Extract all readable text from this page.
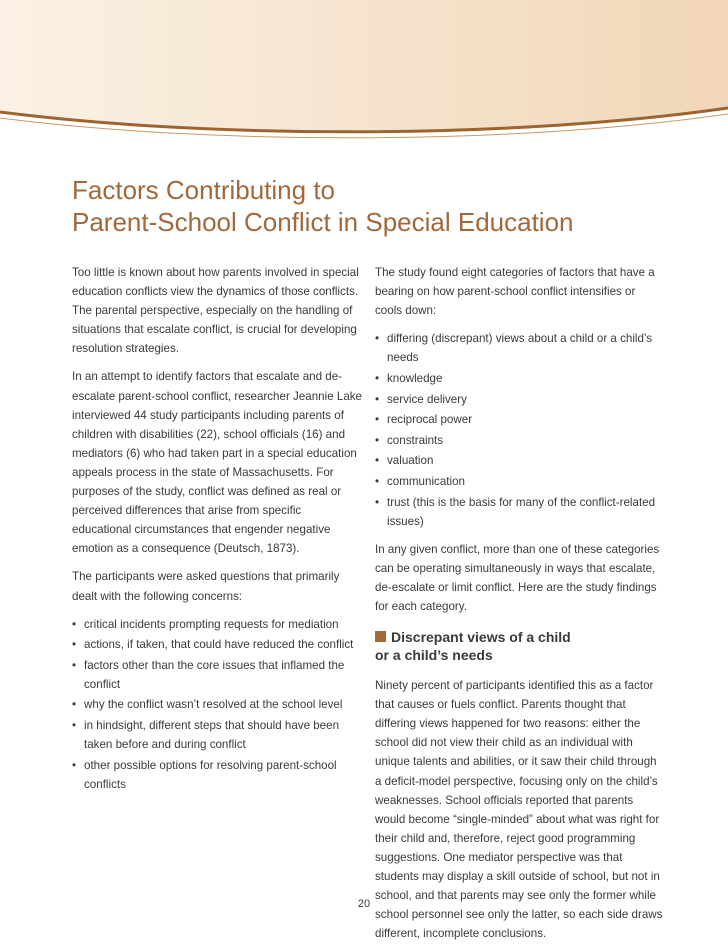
Factors Contributing to
Parent-School Conflict in Special Education

Too little is known about how parents involved in special education conflicts view the dynamics of those conflicts. The parental perspective, especially on the handling of situations that escalate conflict, is crucial for developing resolution strategies.

In an attempt to identify factors that escalate and de-escalate parent-school conflict, researcher Jeannie Lake interviewed 44 study participants including parents of children with disabilities (22), school officials (16) and mediators (6) who had taken part in a special education appeals process in the state of Massachusetts. For purposes of the study, conflict was defined as real or perceived differences that arise from specific educational circumstances that engender negative emotion as a consequence (Deutsch, 1873).

The participants were asked questions that primarily dealt with the following concerns:

• critical incidents prompting requests for mediation
• actions, if taken, that could have reduced the conflict
• factors other than the core issues that inflamed the conflict
• why the conflict wasn’t resolved at the school level
• in hindsight, different steps that should have been taken before and during conflict
• other possible options for resolving parent-school conflicts

The study found eight categories of factors that have a bearing on how parent-school conflict intensifies or cools down:

• differing (discrepant) views about a child or a child’s needs
• knowledge
• service delivery
• reciprocal power
• constraints
• valuation
• communication
• trust (this is the basis for many of the conflict-related issues)

In any given conflict, more than one of these categories can be operating simultaneously in ways that escalate, de-escalate or limit conflict. Here are the study findings for each category.

Discrepant views of a child
or a child’s needs

Ninety percent of participants identified this as a factor that causes or fuels conflict. Parents thought that differing views happened for two reasons: either the school did not view their child as an individual with unique talents and abilities, or it saw their child through a deficit-model perspective, focusing only on the child’s weaknesses. School officials reported that parents would become “single-minded” about what was right for their child and, therefore, reject good programming suggestions. One mediator perspective was that students may display a skill outside of school, but not in school, and that parents may see only the former while school personnel see only the latter, so each side draws different, incomplete conclusions.

20
